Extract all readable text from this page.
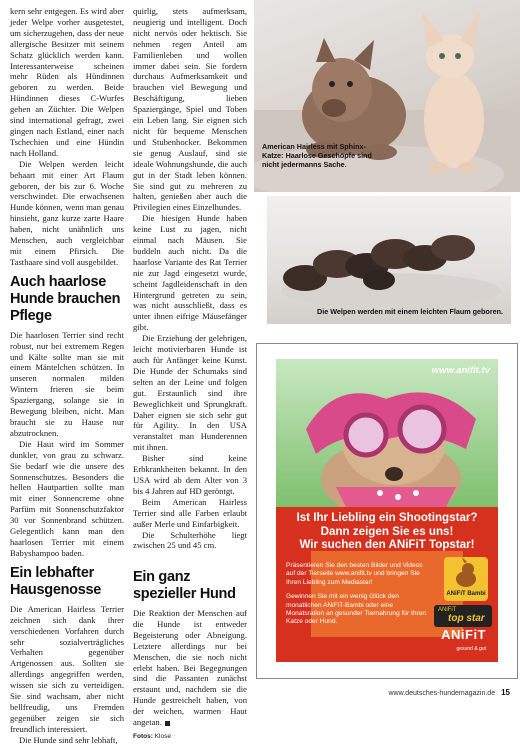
kern sehr entgegen. Es wird aber jeder Welpe vorher ausgetestet, um sicherzugehen, dass der neue allergische Besitzer mit seinem Schatz glücklich werden kann. Interessanterweise scheinen mehr Rüden als Hündinnen geboren zu werden. Beide Hündinnen dieses C-Wurfes gehen an Züchter. Die Welpen sind international gefragt, zwei gingen nach Estland, einer nach Tschechien und eine Hündin nach Holland.

Die Welpen werden leicht behaart mit einer Art Flaum geboren, der bis zur 6. Woche verschwindet. Die erwachsenen Hunde können, wenn man genau hinsieht, ganz kurze zarte Haare haben, nicht unähnlich uns Menschen, auch vergleichbar mit einem Pfirsich. Die Tasthaare sind voll ausgebildet.

Auch haarlose Hunde brauchen Pflege

Die haarlosen Terrier sind recht robust, nur bei extremem Regen und Kälte sollte man sie mit einem Mäntelchen schützen. In unseren normalen milden Wintern frieren sie beim Spaziergang, solange sie in Bewegung bleiben, nicht. Man braucht sie zu Hause nur abzutrocknen.

Die Haut wird im Sommer dunkler, von grau zu schwarz. Sie bedarf wie die unsere des Sonnenschutzes. Besonders die hellen Hautpartien sollte man mit einer Sonnencreme ohne Parfüm mit Sonnenschutzfaktor 30 vor Sonnenbrand schützen. Gelegentlich kann man den haarlosen Terrier mit einem Babyshampoo baden.

Ein lebhafter Hausgenosse

Die American Hairless Terrier zeichnen sich dank ihrer verschiedenen Vorfahren durch sehr sozialverträgliches Verhalten gegenüber Artgenossen aus. Sollten sie allerdings angegriffen werden, wissen sie sich zu verteidigen. Sie sind wachsam, aber nicht bellfreudig, uns Fremden gegenüber zeigen sie sich freundlich interessiert.

Die Hunde sind sehr lebhaft,

quirlig, stets aufmerksam, neugierig und intelligent. Doch nicht nervös oder hektisch. Sie nehmen regen Anteil am Familienleben und wollen immer dabei sein. Sie fordern durchaus Aufmerksamkeit und brauchen viel Bewegung und Beschäftigung, lieben Spaziergänge, Spiel und Toben ein Leben lang. Sie eignen sich nicht für bequeme Menschen und Stubenhocker. Bekommen sie genug Auslauf, sind sie ideale Wohnungshunde, die auch gut in der Stadt leben können. Sie sind gut zu mehreren zu halten, genießen aber auch die Privilegien eines Einzelhundes.

Die hiesigen Hunde haben keine Lust zu jagen, nicht einmal nach Mäusen. Sie buddeln auch nicht. Da die haarlose Variante des Rat Terrier nie zur Jagd eingesetzt wurde, scheint Jagdleidenschaft in den Hintergrund getreten zu sein, was nicht ausschließt, dass es unter ihnen eifrige Mäusefänger gibt.

Die Erziehung der gelehrigen, leicht motivierbaren Hunde ist auch für Anfänger keine Kunst. Die Hunde der Schumaks sind selten an der Leine und folgen gut. Erstaunlich sind ihre Beweglichkeit und Sprungkraft. Daher eignen sie sich sehr gut für Agility. In den USA veranstaltet man Hunderennen mit ihnen.

Bisher sind keine Erbkrankheiten bekannt. In den USA wird ab dem Alter von 3 bis 4 Jahren auf HD geröntgt.

Beim American Hairless Terrier sind alle Farben erlaubt außer Merle und Einfarbigkeit.

Die Schulterhöhe liegt zwischen 25 und 45 cm.

Ein ganz spezieller Hund

Die Reaktion der Menschen auf die Hunde ist entweder Begeisterung oder Abneigung. Letztere allerdings nur bei Menschen, die sie noch nicht erlebt haben. Bei Begegnungen sind die Passanten zunächst erstaunt und, nachdem sie die Hunde gestreichelt haben, von der weichen, warmen Haut angetan.

Fotos: Klose
American Hairless mit Sphinx-Katze: Haarlose Geschöpfe sind nicht jedermanns Sache.
Die Welpen werden mit einem leichten Flaum geboren.
www.anifit.tv
Ist Ihr Liebling ein Shootingstar?
Dann zeigen Sie es uns!
Wir suchen den ANiFiT Topstar!

Präsentieren Sie den besten Bilder und Videos auf der Tierseite www.anifit.tv und bringen Sie Ihren Liebling zum Mediastar!

Gewinnen Sie mit ein wenig Glück den monatlichen ANiFiT-Bambi oder eine Monatsration an gesunder Tiernahrung für Ihren Katze oder Hund.

ANiFiT Bambi
ANiFiT
top star
ANiFiT
gesund & gut
www.deutsches-hundemagazin.de 15
